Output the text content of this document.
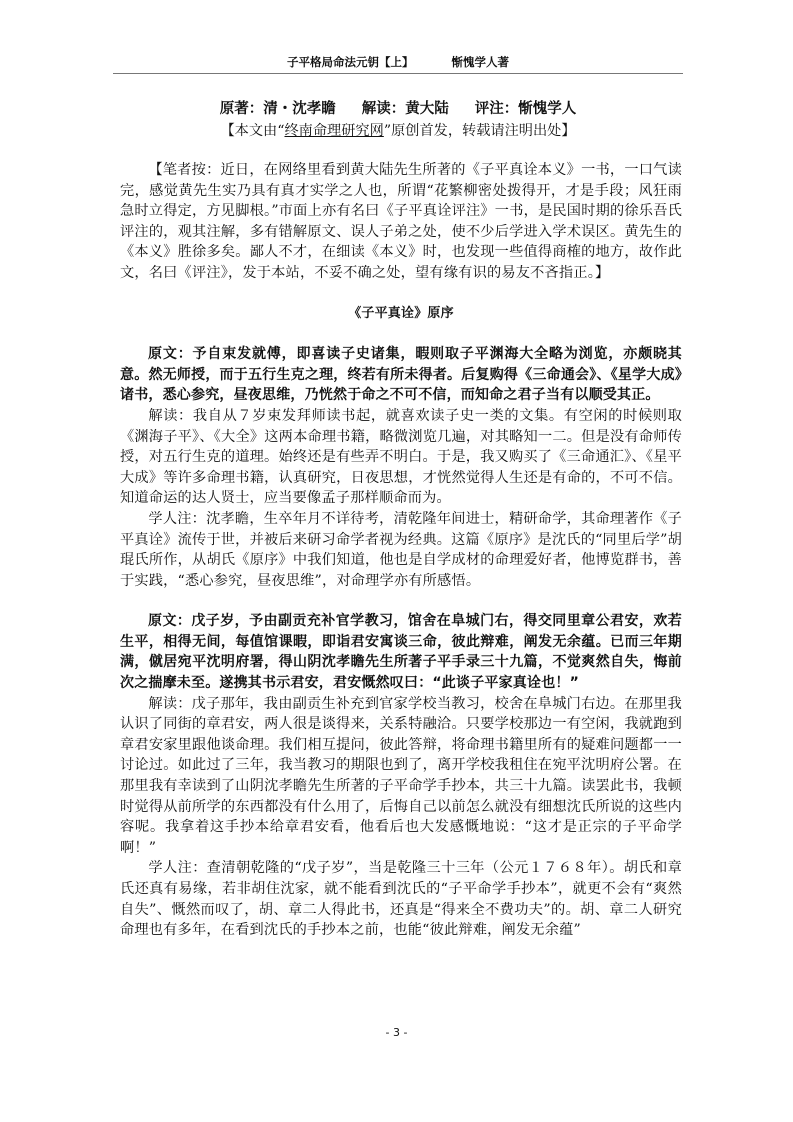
子平格局命法元钥【上】	惭愧学人著
原著：清・沈孝瞻 解读：黄大陆 评注：惭愧学人
【本文由“终南命理研究网”原创首发，转载请注明出处】

【笔者按：近日，在网络里看到黄大陆先生所著的《子平真诠本义》一书，一口气读完，感觉黄先生实乃具有真才实学之人也，所谓“花繁柳密处拨得开，才是手段；风狂雨急时立得定，方见脚根。”市面上亦有名曰《子平真诠评注》一书，是民国时期的徐乐吾氏评注的，观其注解，多有错解原文、误人子弟之处，使不少后学进入学术误区。黄先生的《本义》胜徐多矣。鄙人不才，在细读《本义》时，也发现一些值得商榷的地方，故作此文，名曰《评注》，发于本站，不妥不确之处，望有缘有识的易友不吝指正。】

《子平真诠》原序

原文：予自束发就傅，即喜读子史诸集，暇则取子平渊海大全略为浏览，亦颇晓其意。然无师授，而于五行生克之理，终若有所未得者。后复购得《三命通会》、《星学大成》诸书，悉心参究，昼夜思维，乃恍然于命之不可不信，而知命之君子当有以顺受其正。

解读：我自从７岁束发拜师读书起，就喜欢读子史一类的文集。有空闲的时候则取《渊海子平》、《大全》这两本命理书籍，略微浏览几遍，对其略知一二。但是没有命师传授，对五行生克的道理。始终还是有些弄不明白。于是，我又购买了《三命通汇》、《星平大成》等许多命理书籍，认真研究，日夜思想，才恍然觉得人生还是有命的，不可不信。知道命运的达人贤士，应当要像孟子那样顺命而为。

学人注：沈孝瞻，生卒年月不详待考，清乾隆年间进士，精研命学，其命理著作《子平真诠》流传于世，并被后来研习命学者视为经典。这篇《原序》是沈氏的“同里后学”胡琨氏所作，从胡氏《原序》中我们知道，他也是自学成材的命理爱好者，他博览群书，善于实践，“悉心参究，昼夜思维”，对命理学亦有所感悟。

原文：戊子岁，予由副贡充补官学教习，馆舍在阜城门右，得交同里章公君安，欢若生平，相得无间，每值馆课暇，即诣君安寓谈三命，彼此辩难，阐发无余蕴。已而三年期满，僦居宛平沈明府署，得山阴沈孝瞻先生所著子平手录三十九篇，不觉爽然自失，悔前次之揣摩未至。遂携其书示君安，君安慨然叹曰：“此谈子平家真诠也！”

解读：戊子那年，我由副贡生补充到官家学校当教习，校舍在阜城门右边。在那里我认识了同街的章君安，两人很是谈得来，关系特融洽。只要学校那边一有空闲，我就跑到章君安家里跟他谈命理。我们相互提问，彼此答辩，将命理书籍里所有的疑难问题都一一讨论过。如此过了三年，我当教习的期限也到了，离开学校我租住在宛平沈明府公署。在那里我有幸读到了山阴沈孝瞻先生所著的子平命学手抄本，共三十九篇。读罢此书，我顿时觉得从前所学的东西都没有什么用了，后悔自己以前怎么就没有细想沈氏所说的这些内容呢。我拿着这手抄本给章君安看，他看后也大发感慨地说：“这才是正宗的子平命学啊！”

学人注：查清朝乾隆的“戊子岁”，当是乾隆三十三年（公元１７６８年）。胡氏和章氏还真有易缘，若非胡住沈家，就不能看到沈氏的“子平命学手抄本”，就更不会有“爽然自失”、慨然而叹了，胡、章二人得此书，还真是“得来全不费功夫”的。胡、章二人研究命理也有多年，在看到沈氏的手抄本之前，也能“彼此辩难，阐发无余蕴”

- 3 -
